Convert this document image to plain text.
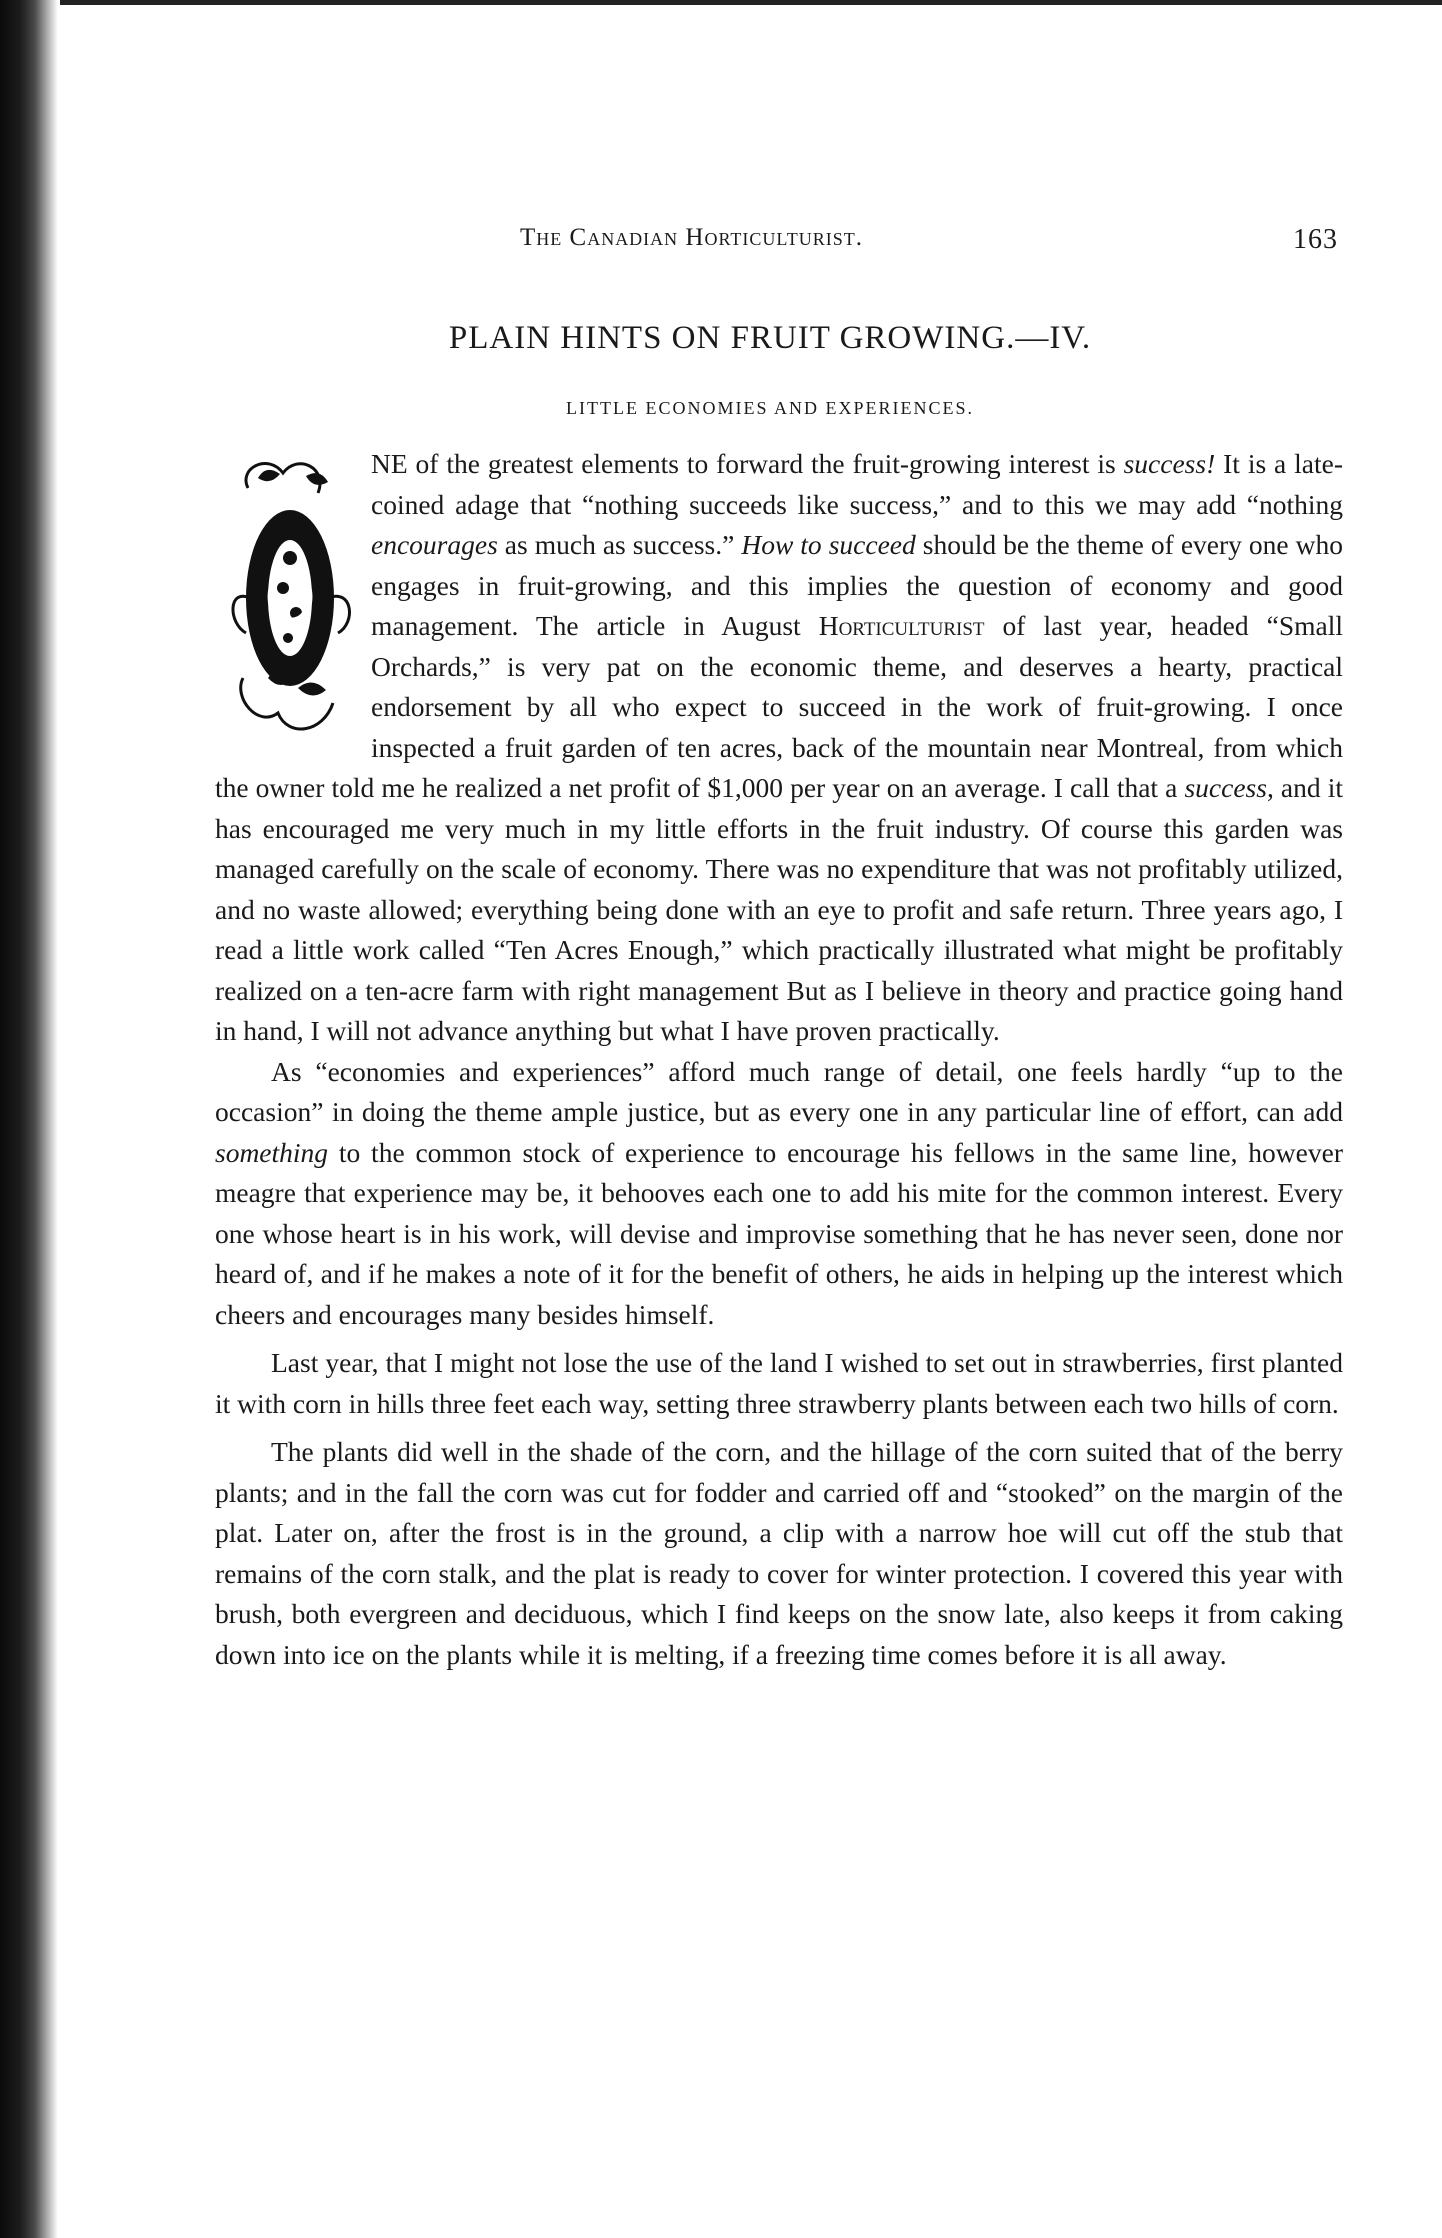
The Canadian Horticulturist.	163
PLAIN HINTS ON FRUIT GROWING.—IV.
LITTLE ECONOMIES AND EXPERIENCES.
O

NE of the greatest elements to forward the fruit-growing interest is success! It is a late-coined adage that “nothing succeeds like success,” and to this we may add “nothing encourages as much as success.” How to succeed should be the theme of every one who engages in fruit-growing, and this implies the question of economy and good management. The article in August Horticulturist of last year, headed “Small Orchards,” is very pat on the economic theme, and deserves a hearty, practical endorsement by all who expect to succeed in the work of fruit-growing. I once inspected a fruit garden of ten acres, back of the mountain near Montreal, from which the owner told me he realized a net profit of $1,000 per year on an average. I call that a success, and it has encouraged me very much in my little efforts in the fruit industry. Of course this garden was managed carefully on the scale of economy. There was no expenditure that was not profitably utilized, and no waste allowed; everything being done with an eye to profit and safe return. Three years ago, I read a little work called “Ten Acres Enough,” which practically illustrated what might be profitably realized on a ten-acre farm with right management But as I believe in theory and practice going hand in hand, I will not advance anything but what I have proven practically.

As “economies and experiences” afford much range of detail, one feels hardly “up to the occasion” in doing the theme ample justice, but as every one in any particular line of effort, can add something to the common stock of experience to encourage his fellows in the same line, however meagre that experience may be, it behooves each one to add his mite for the common interest. Every one whose heart is in his work, will devise and improvise something that he has never seen, done nor heard of, and if he makes a note of it for the benefit of others, he aids in helping up the interest which cheers and encourages many besides himself.

Last year, that I might not lose the use of the land I wished to set out in strawberries, first planted it with corn in hills three feet each way, setting three strawberry plants between each two hills of corn.

The plants did well in the shade of the corn, and the hillage of the corn suited that of the berry plants; and in the fall the corn was cut for fodder and carried off and “stooked” on the margin of the plat. Later on, after the frost is in the ground, a clip with a narrow hoe will cut off the stub that remains of the corn stalk, and the plat is ready to cover for winter protection. I covered this year with brush, both evergreen and deciduous, which I find keeps on the snow late, also keeps it from caking down into ice on the plants while it is melting, if a freezing time comes before it is all away.
